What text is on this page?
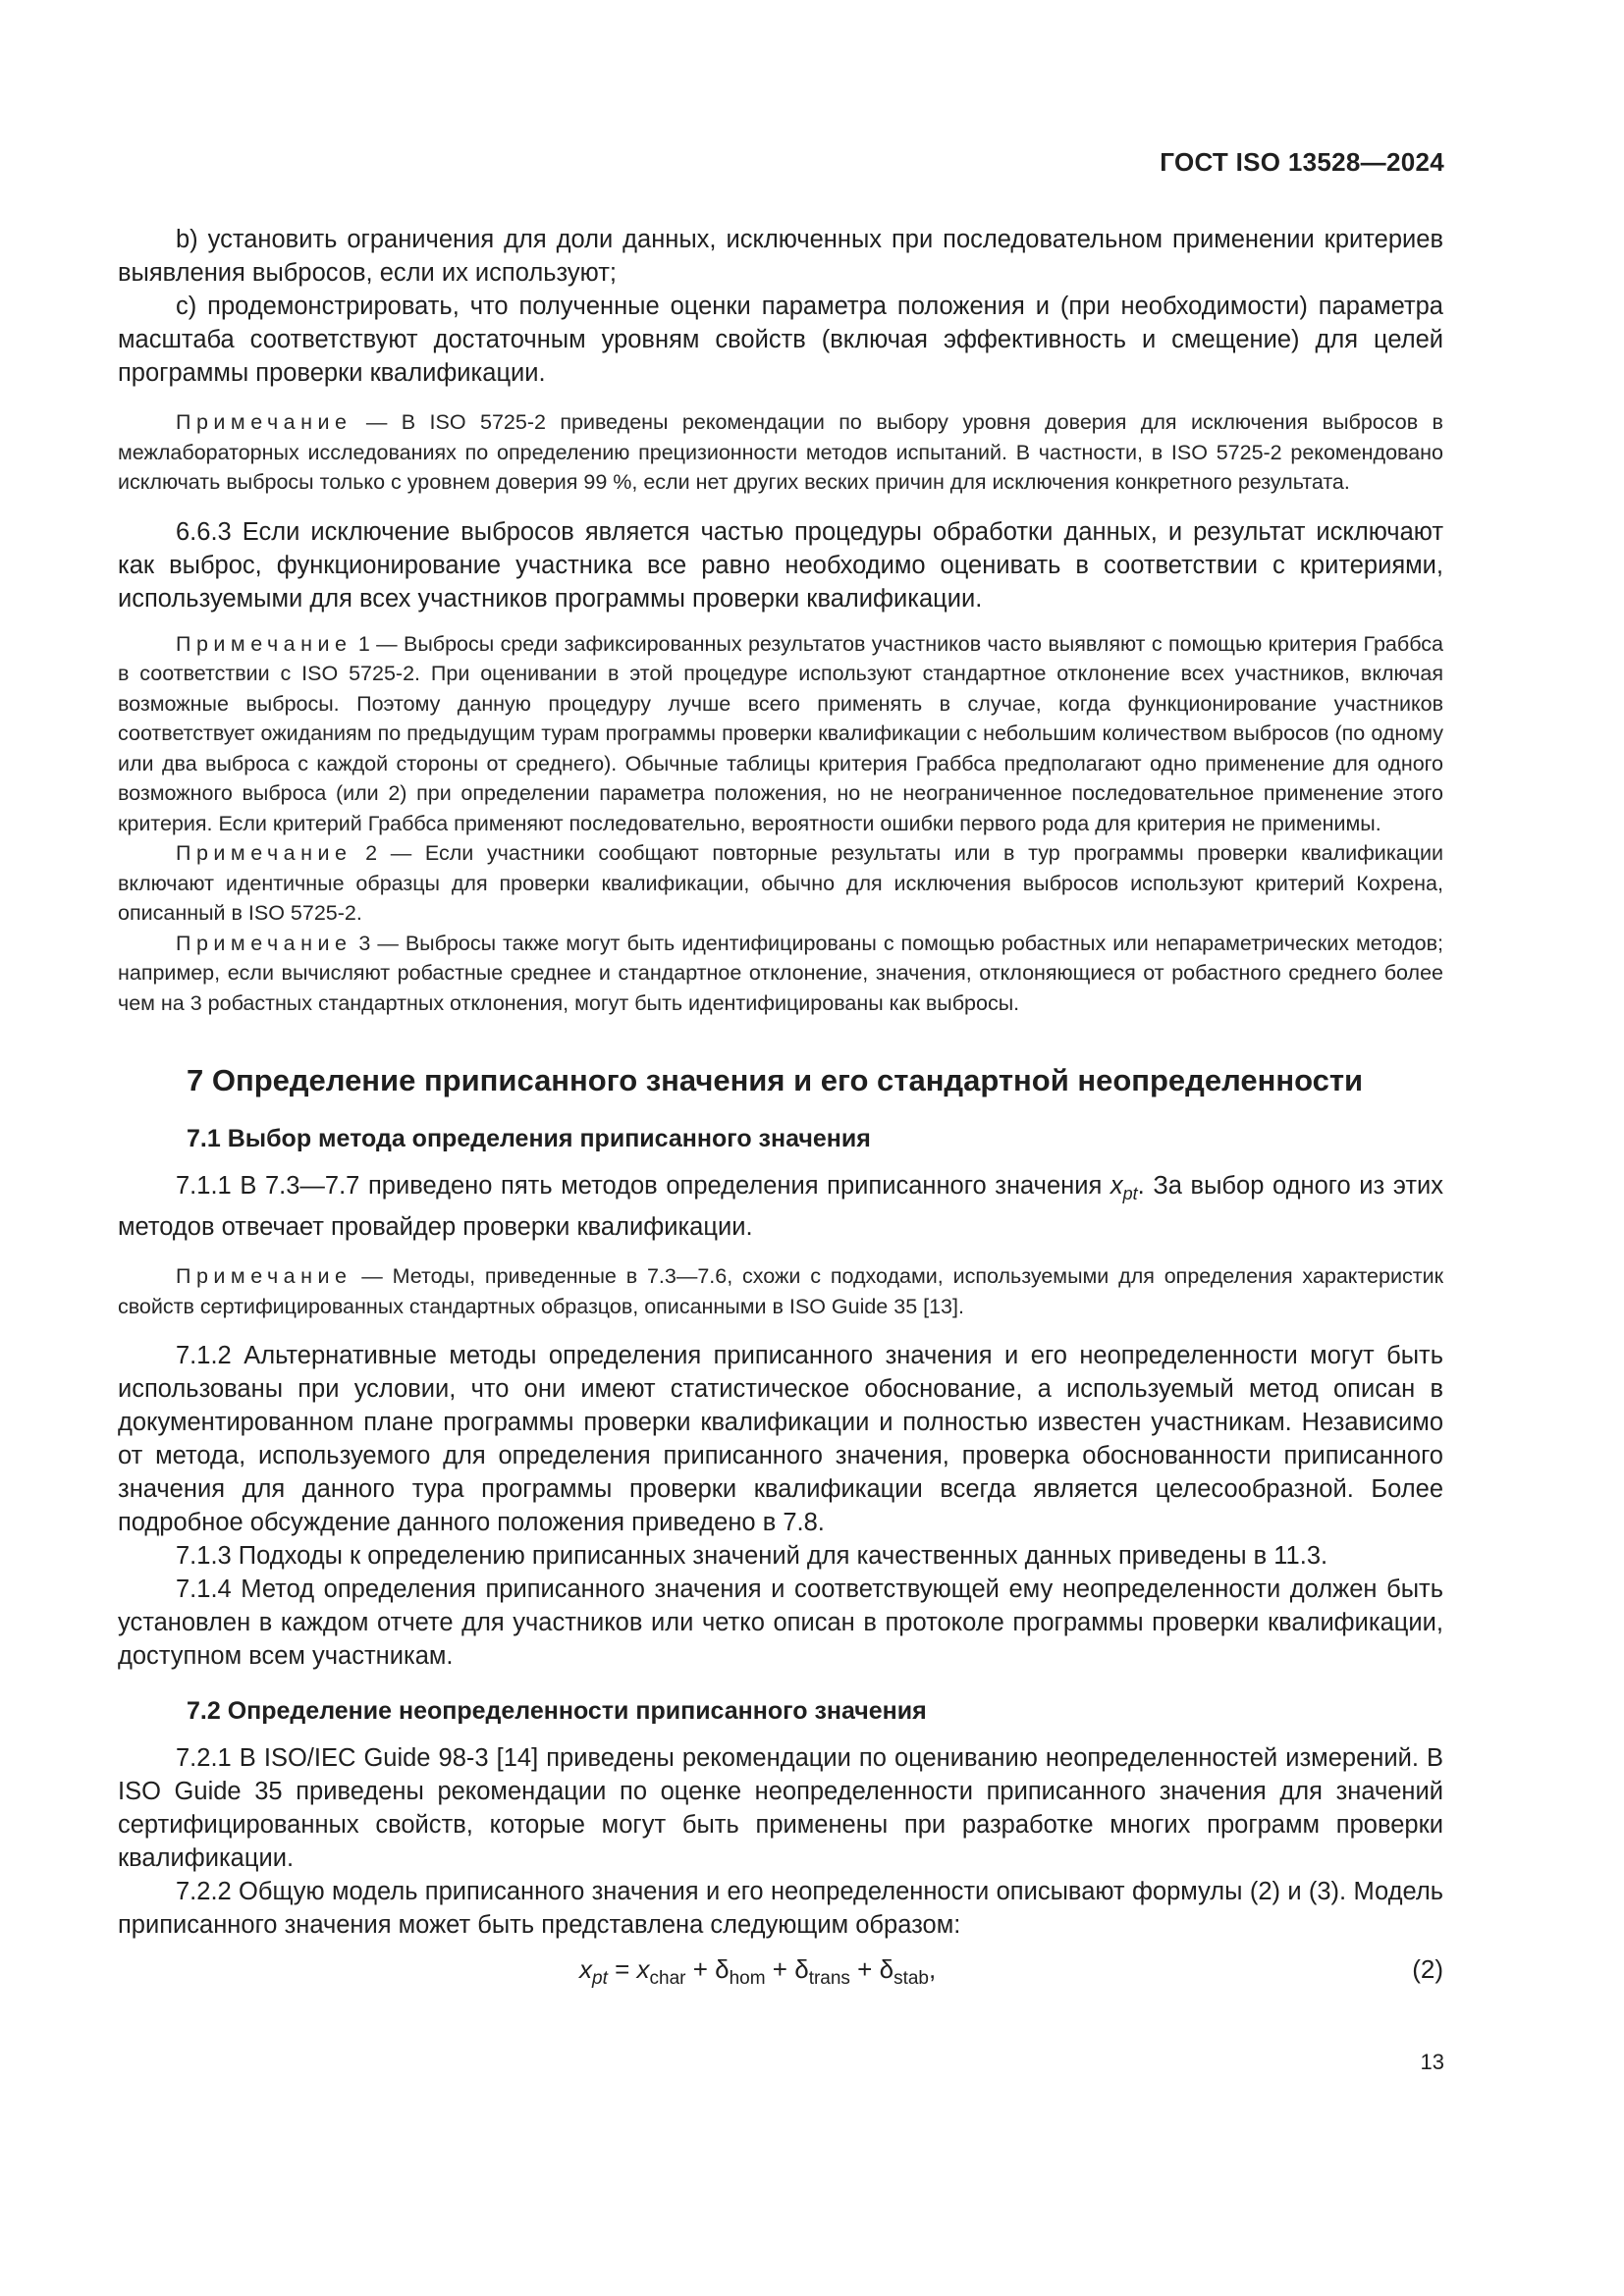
ГОСТ ISO 13528—2024

b) установить ограничения для доли данных, исключенных при последовательном применении критериев выявления выбросов, если их используют;

с) продемонстрировать, что полученные оценки параметра положения и (при необходимости) параметра масштаба соответствуют достаточным уровням свойств (включая эффективность и смещение) для целей программы проверки квалификации.

Примечание — В ISO 5725-2 приведены рекомендации по выбору уровня доверия для исключения выбросов в межлабораторных исследованиях по определению прецизионности методов испытаний. В частности, в ISO 5725-2 рекомендовано исключать выбросы только с уровнем доверия 99 %, если нет других веских причин для исключения конкретного результата.

6.6.3 Если исключение выбросов является частью процедуры обработки данных, и результат исключают как выброс, функционирование участника все равно необходимо оценивать в соответствии с критериями, используемыми для всех участников программы проверки квалификации.

Примечание 1 — Выбросы среди зафиксированных результатов участников часто выявляют с помощью критерия Граббса в соответствии с ISO 5725-2. При оценивании в этой процедуре используют стандартное отклонение всех участников, включая возможные выбросы. Поэтому данную процедуру лучше всего применять в случае, когда функционирование участников соответствует ожиданиям по предыдущим турам программы проверки квалификации с небольшим количеством выбросов (по одному или два выброса с каждой стороны от среднего). Обычные таблицы критерия Граббса предполагают одно применение для одного возможного выброса (или 2) при определении параметра положения, но не неограниченное последовательное применение этого критерия. Если критерий Граббса применяют последовательно, вероятности ошибки первого рода для критерия не применимы.

Примечание 2 — Если участники сообщают повторные результаты или в тур программы проверки квалификации включают идентичные образцы для проверки квалификации, обычно для исключения выбросов используют критерий Кохрена, описанный в ISO 5725-2.

Примечание 3 — Выбросы также могут быть идентифицированы с помощью робастных или непараметрических методов; например, если вычисляют робастные среднее и стандартное отклонение, значения, отклоняющиеся от робастного среднего более чем на 3 робастных стандартных отклонения, могут быть идентифицированы как выбросы.

7 Определение приписанного значения и его стандартной неопределенности

7.1 Выбор метода определения приписанного значения

7.1.1 В 7.3—7.7 приведено пять методов определения приписанного значения $x_{pt}$. За выбор одного из этих методов отвечает провайдер проверки квалификации.

Примечание — Методы, приведенные в 7.3—7.6, схожи с подходами, используемыми для определения характеристик свойств сертифицированных стандартных образцов, описанными в ISO Guide 35 [13].

7.1.2 Альтернативные методы определения приписанного значения и его неопределенности могут быть использованы при условии, что они имеют статистическое обоснование, а используемый метод описан в документированном плане программы проверки квалификации и полностью известен участникам. Независимо от метода, используемого для определения приписанного значения, проверка обоснованности приписанного значения для данного тура программы проверки квалификации всегда является целесообразной. Более подробное обсуждение данного положения приведено в 7.8.

7.1.3 Подходы к определению приписанных значений для качественных данных приведены в 11.3.

7.1.4 Метод определения приписанного значения и соответствующей ему неопределенности должен быть установлен в каждом отчете для участников или четко описан в протоколе программы проверки квалификации, доступном всем участникам.

7.2 Определение неопределенности приписанного значения

7.2.1 В ISO/IEC Guide 98-3 [14] приведены рекомендации по оцениванию неопределенностей измерений. В ISO Guide 35 приведены рекомендации по оценке неопределенности приписанного значения для значений сертифицированных свойств, которые могут быть применены при разработке многих программ проверки квалификации.

7.2.2 Общую модель приписанного значения и его неопределенности описывают формулы (2) и (3). Модель приписанного значения может быть представлена следующим образом:

$x_{pt} = x_{char} + \delta_{hom} + \delta_{trans} + \delta_{stab}$,	(2)
13
